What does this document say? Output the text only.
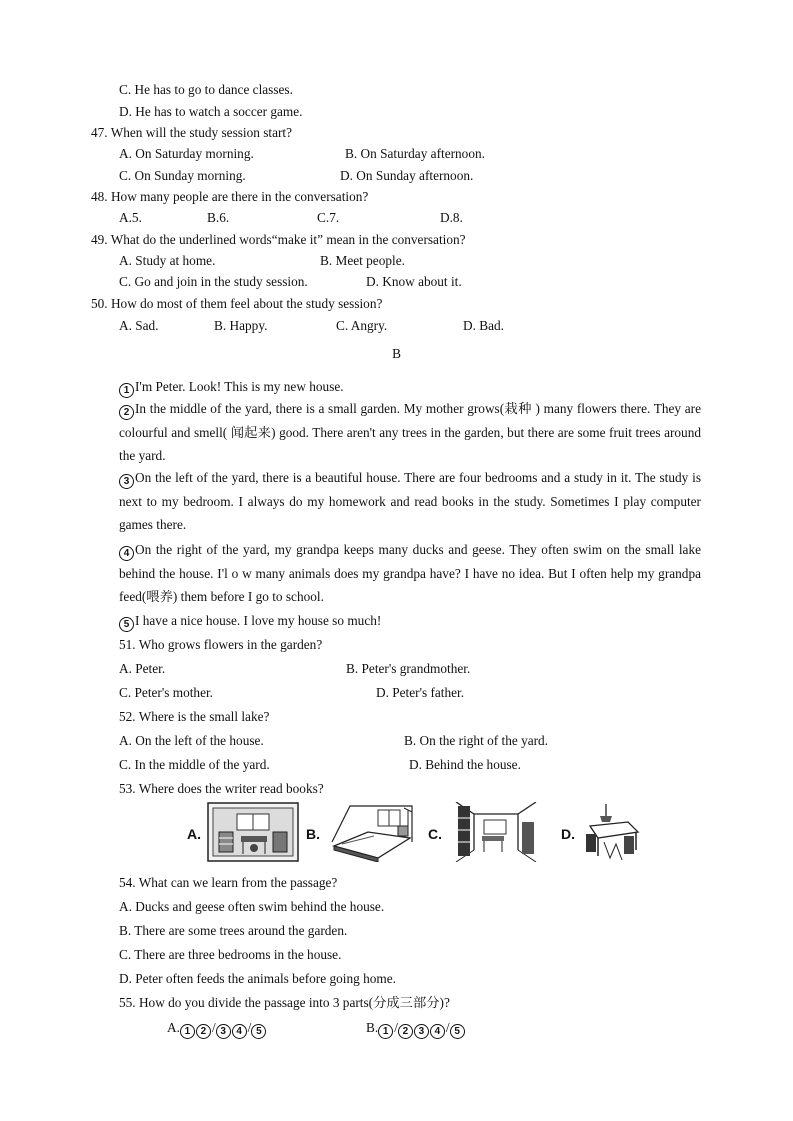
C. He has to go to dance classes.
D. He has to watch a soccer game.
47. When will the study session start?
A. On Saturday morning.	B. On Saturday afternoon.
C. On Sunday morning.	D. On Sunday afternoon.
48. How many people are there in the conversation?
A.5.	B.6.	C.7.	D.8.
49. What do the underlined words“make it” mean in the conversation?
A. Study at home.	B. Meet people.
C. Go and join in the study session.	D. Know about it.
50. How do most of them feel about the study session?
A. Sad.	B. Happy.	C. Angry.	D. Bad.
B
1 I'm Peter. Look! This is my new house.
2 In the middle of the yard, there is a small garden. My mother grows(栽种 ) many flowers there. They are colourful and smell( 闻起来) good. There aren't any trees in the garden, but there are some fruit trees around the yard.
3 On the left of the yard, there is a beautiful house. There are four bedrooms and a study in it. The study is next to my bedroom. I always do my homework and read books in the study. Sometimes I play computer games there.
4 On the right of the yard, my grandpa keeps many ducks and geese. They often swim on the small lake behind the house. I'l o w many animals does my grandpa have? I have no idea. But I often help my grandpa feed(喂养) them before I go to school.
5 I have a nice house. I love my house so much!
51. Who grows flowers in the garden?
A. Peter.	B. Peter's grandmother.
C. Peter's mother.	D. Peter's father.
52. Where is the small lake?
A. On the left of the house.	B. On the right of the yard.
C. In the middle of the yard.	D. Behind the house.
53. Where does the writer read books?
A.	B.	C.	D.
54. What can we learn from the passage?
A. Ducks and geese often swim behind the house.
B. There are some trees around the garden.
C. There are three bedrooms in the house.
D. Peter often feeds the animals before going home.
55. How do you divide the passage into 3 parts(分成三部分)?
A. 1 2 / 3 4 / 5	B. 1 / 2 3 4 / 5
